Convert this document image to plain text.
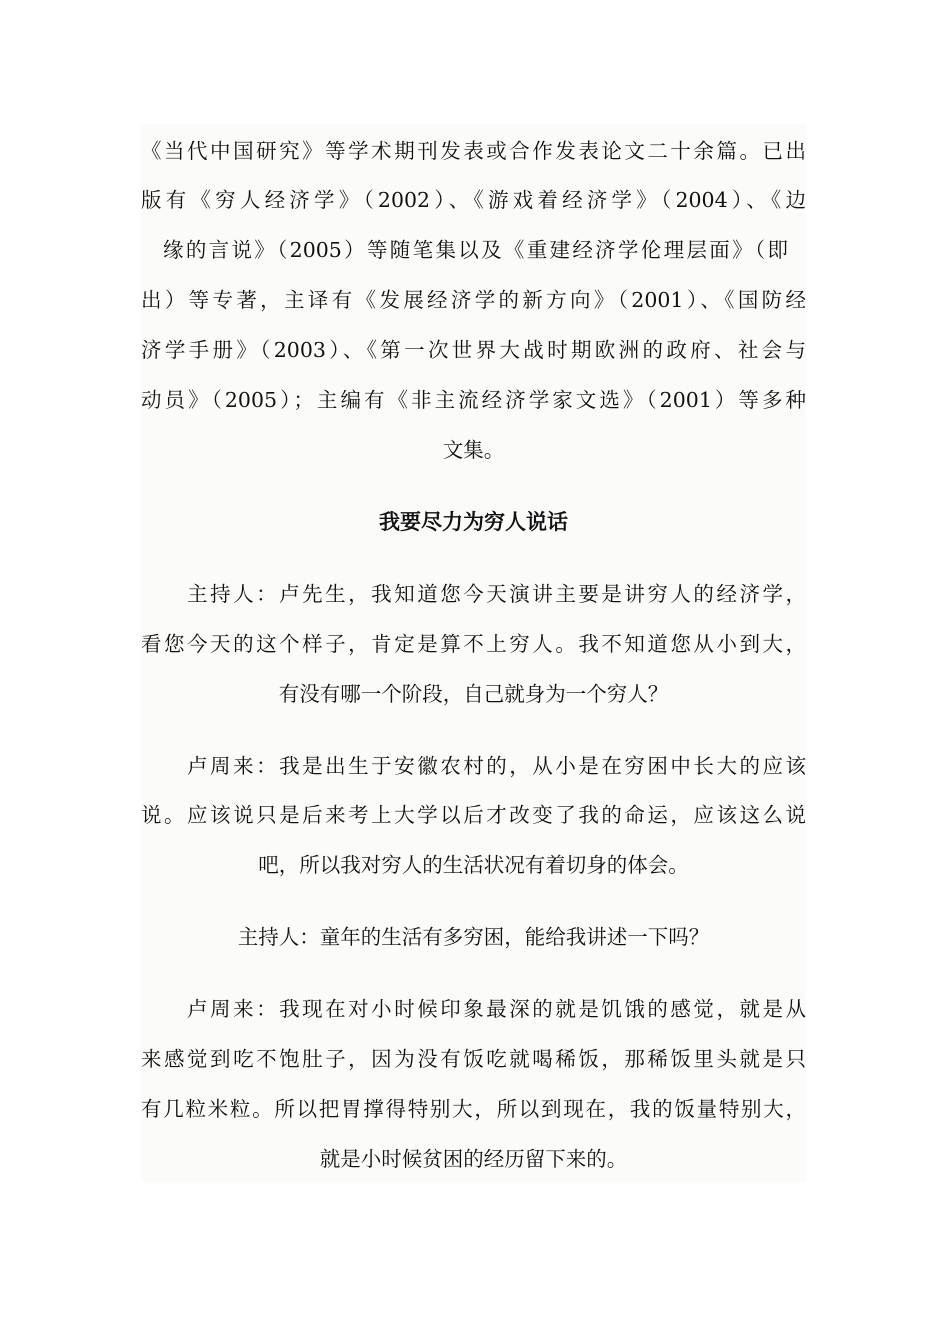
《当代中国研究》等学术期刊发表或合作发表论文二十余篇。已出
版有《穷人经济学》（2002）、《游戏着经济学》（2004）、《边
缘的言说》（2005）等随笔集以及《重建经济学伦理层面》（即
出）等专著，主译有《发展经济学的新方向》（2001）、《国防经
济学手册》（2003）、《第一次世界大战时期欧洲的政府、社会与
动员》（2005）；主编有《非主流经济学家文选》（2001）等多种
文集。
我要尽力为穷人说话
　　主持人：卢先生，我知道您今天演讲主要是讲穷人的经济学，
看您今天的这个样子，肯定是算不上穷人。我不知道您从小到大，
有没有哪一个阶段，自己就身为一个穷人？
　　卢周来：我是出生于安徽农村的，从小是在穷困中长大的应该
说。应该说只是后来考上大学以后才改变了我的命运，应该这么说
吧，所以我对穷人的生活状况有着切身的体会。
主持人：童年的生活有多穷困，能给我讲述一下吗？
　　卢周来：我现在对小时候印象最深的就是饥饿的感觉，就是从
来感觉到吃不饱肚子，因为没有饭吃就喝稀饭，那稀饭里头就是只
有几粒米粒。所以把胃撑得特别大，所以到现在，我的饭量特别大，
就是小时候贫困的经历留下来的。
